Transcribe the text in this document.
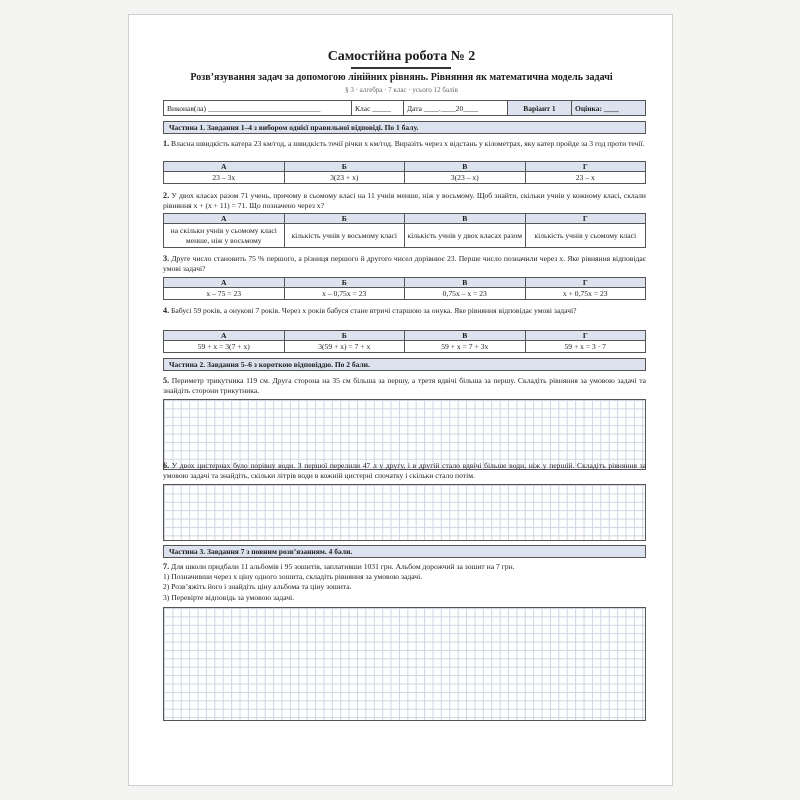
Самостійна робота № 2
Розв’язування задач за допомогою лінійних рівнянь. Рівняння як математична модель задачі
§ 3 · алгебра · 7 клас · усього 12 балів
Виконав(ла) ______________________________	Клас _____	Дата ____.____20____	Варіант 1	Оцінка: ____
Частина 1. Завдання 1–4 з вибором однієї правильної відповіді. По 1 балу.
1. Власна швидкість катера 23 км/год, а швидкість течії річки x км/год. Виразіть через x відстань у кілометрах, яку катер пройде за 3 год проти течії.
А	Б	В	Г
23 – 3x	3(23 + x)	3(23 – x)	23 – x
2. У двох класах разом 71 учень, причому в сьомому класі на 11 учнів менше, ніж у восьмому. Щоб знайти, скільки учнів у кожному класі, склали рівняння x + (x + 11) = 71. Що позначено через x?
А	Б	В	Г
на скільки учнів у сьомому класі менше, ніж у восьмому	кількість учнів у восьмому класі	кількість учнів у двох класах разом	кількість учнів у сьомому класі
3. Друге число становить 75 % першого, а різниця першого й другого чисел дорівнює 23. Перше число позначили через x. Яке рівняння відповідає умові задачі?
А	Б	В	Г
x – 75 = 23	x – 0,75x = 23	0,75x – x = 23	x + 0,75x = 23
4. Бабусі 59 років, а онукові 7 років. Через x років бабуся стане втричі старшою за онука. Яке рівняння відповідає умові задачі?
А	Б	В	Г
59 + x = 3(7 + x)	3(59 + x) = 7 + x	59 + x = 7 + 3x	59 + x = 3 · 7
Частина 2. Завдання 5–6 з короткою відповіддю. По 2 бали.
5. Периметр трикутника 119 см. Друга сторона на 35 см більша за першу, а третя вдвічі більша за першу. Складіть рівняння за умовою задачі та знайдіть сторони трикутника.
6. У двох цистернах було порівну води. З першої перелили 47 л у другу, і в другій стало вдвічі більше води, ніж у першій. Складіть рівняння за умовою задачі та знайдіть, скільки літрів води в кожній цистерні спочатку і скільки стало потім.
Частина 3. Завдання 7 з повним розв’язанням. 4 бали.
7. Для школи придбали 11 альбомів і 95 зошитів, заплативши 1031 грн. Альбом дорожчий за зошит на 7 грн.
1) Позначивши через x ціну одного зошита, складіть рівняння за умовою задачі.
2) Розв’яжіть його і знайдіть ціну альбома та ціну зошита.
3) Перевірте відповідь за умовою задачі.
